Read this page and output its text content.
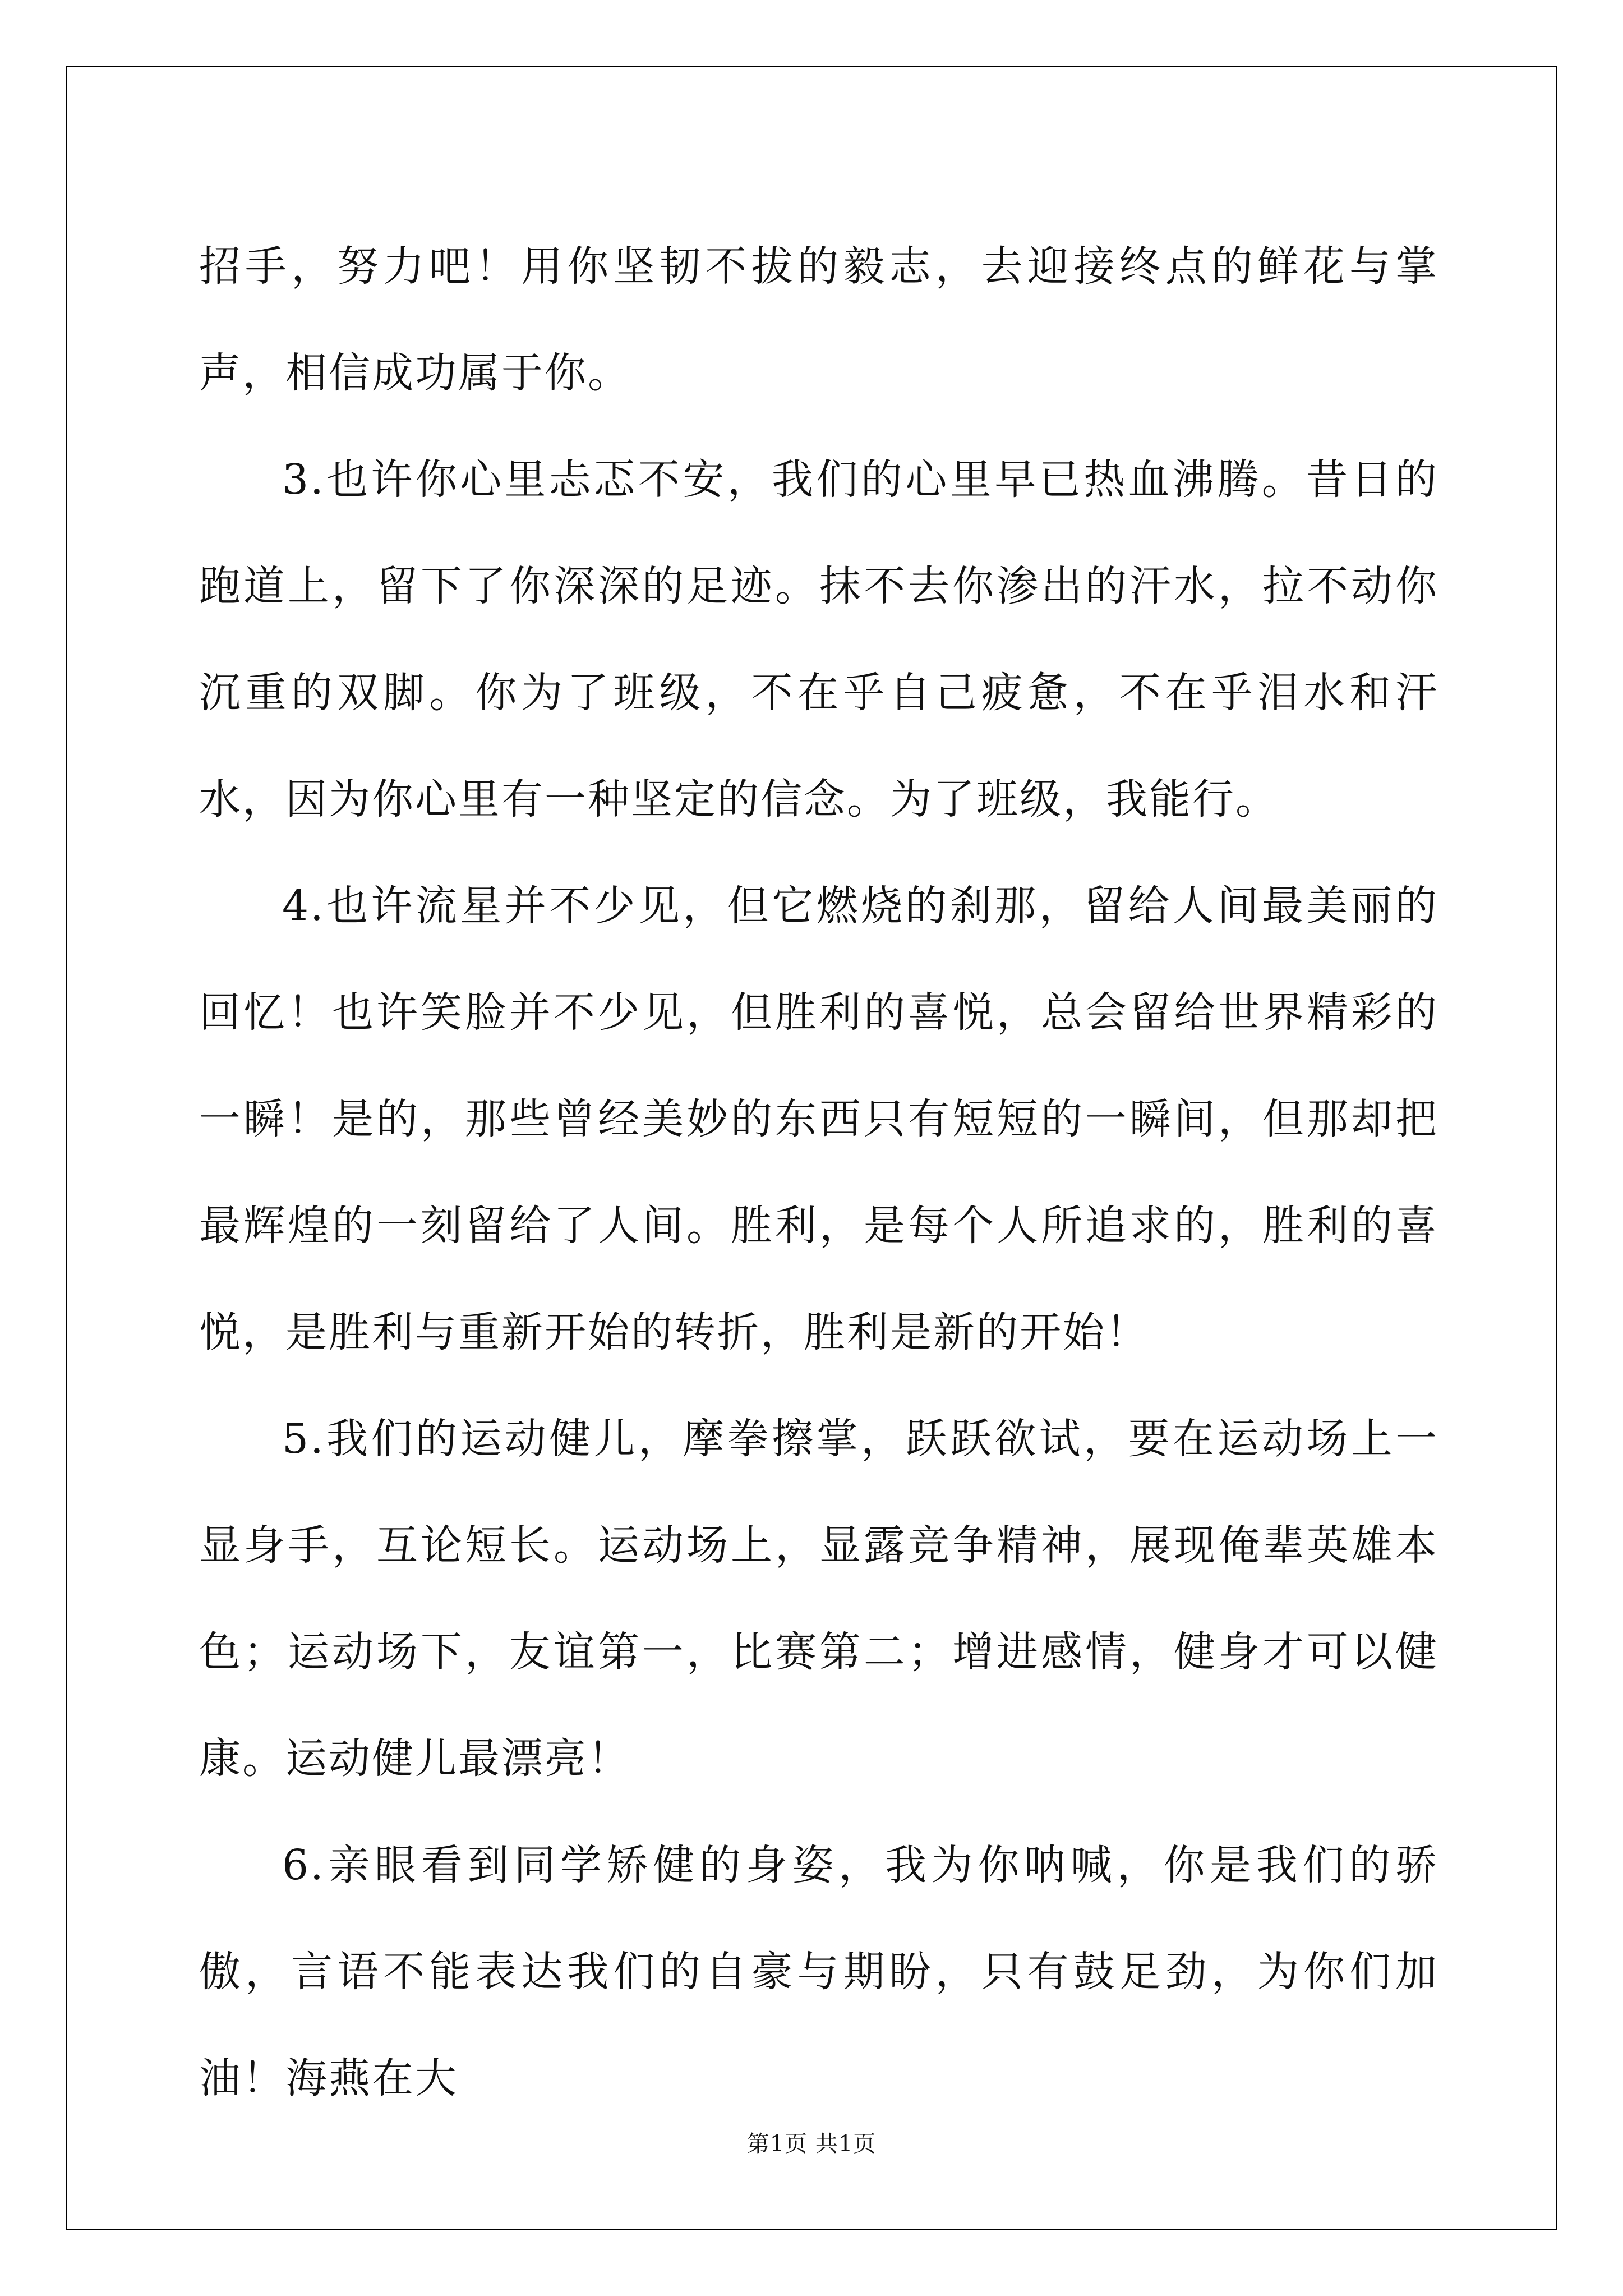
招手，努力吧！用你坚韧不拔的毅志，去迎接终点的鲜花与掌声，相信成功属于你。

3.也许你心里忐忑不安，我们的心里早已热血沸腾。昔日的跑道上，留下了你深深的足迹。抹不去你渗出的汗水，拉不动你沉重的双脚。你为了班级，不在乎自己疲惫，不在乎泪水和汗水，因为你心里有一种坚定的信念。为了班级，我能行。

4.也许流星并不少见，但它燃烧的刹那，留给人间最美丽的回忆！也许笑脸并不少见，但胜利的喜悦，总会留给世界精彩的一瞬！是的，那些曾经美妙的东西只有短短的一瞬间，但那却把最辉煌的一刻留给了人间。胜利，是每个人所追求的，胜利的喜悦，是胜利与重新开始的转折，胜利是新的开始！

5.我们的运动健儿，摩拳擦掌，跃跃欲试，要在运动场上一显身手，互论短长。运动场上，显露竞争精神，展现俺辈英雄本色；运动场下，友谊第一，比赛第二；增进感情，健身才可以健康。运动健儿最漂亮！

6.亲眼看到同学矫健的身姿，我为你呐喊，你是我们的骄傲，言语不能表达我们的自豪与期盼，只有鼓足劲，为你们加油！海燕在大

第1页 共1页
